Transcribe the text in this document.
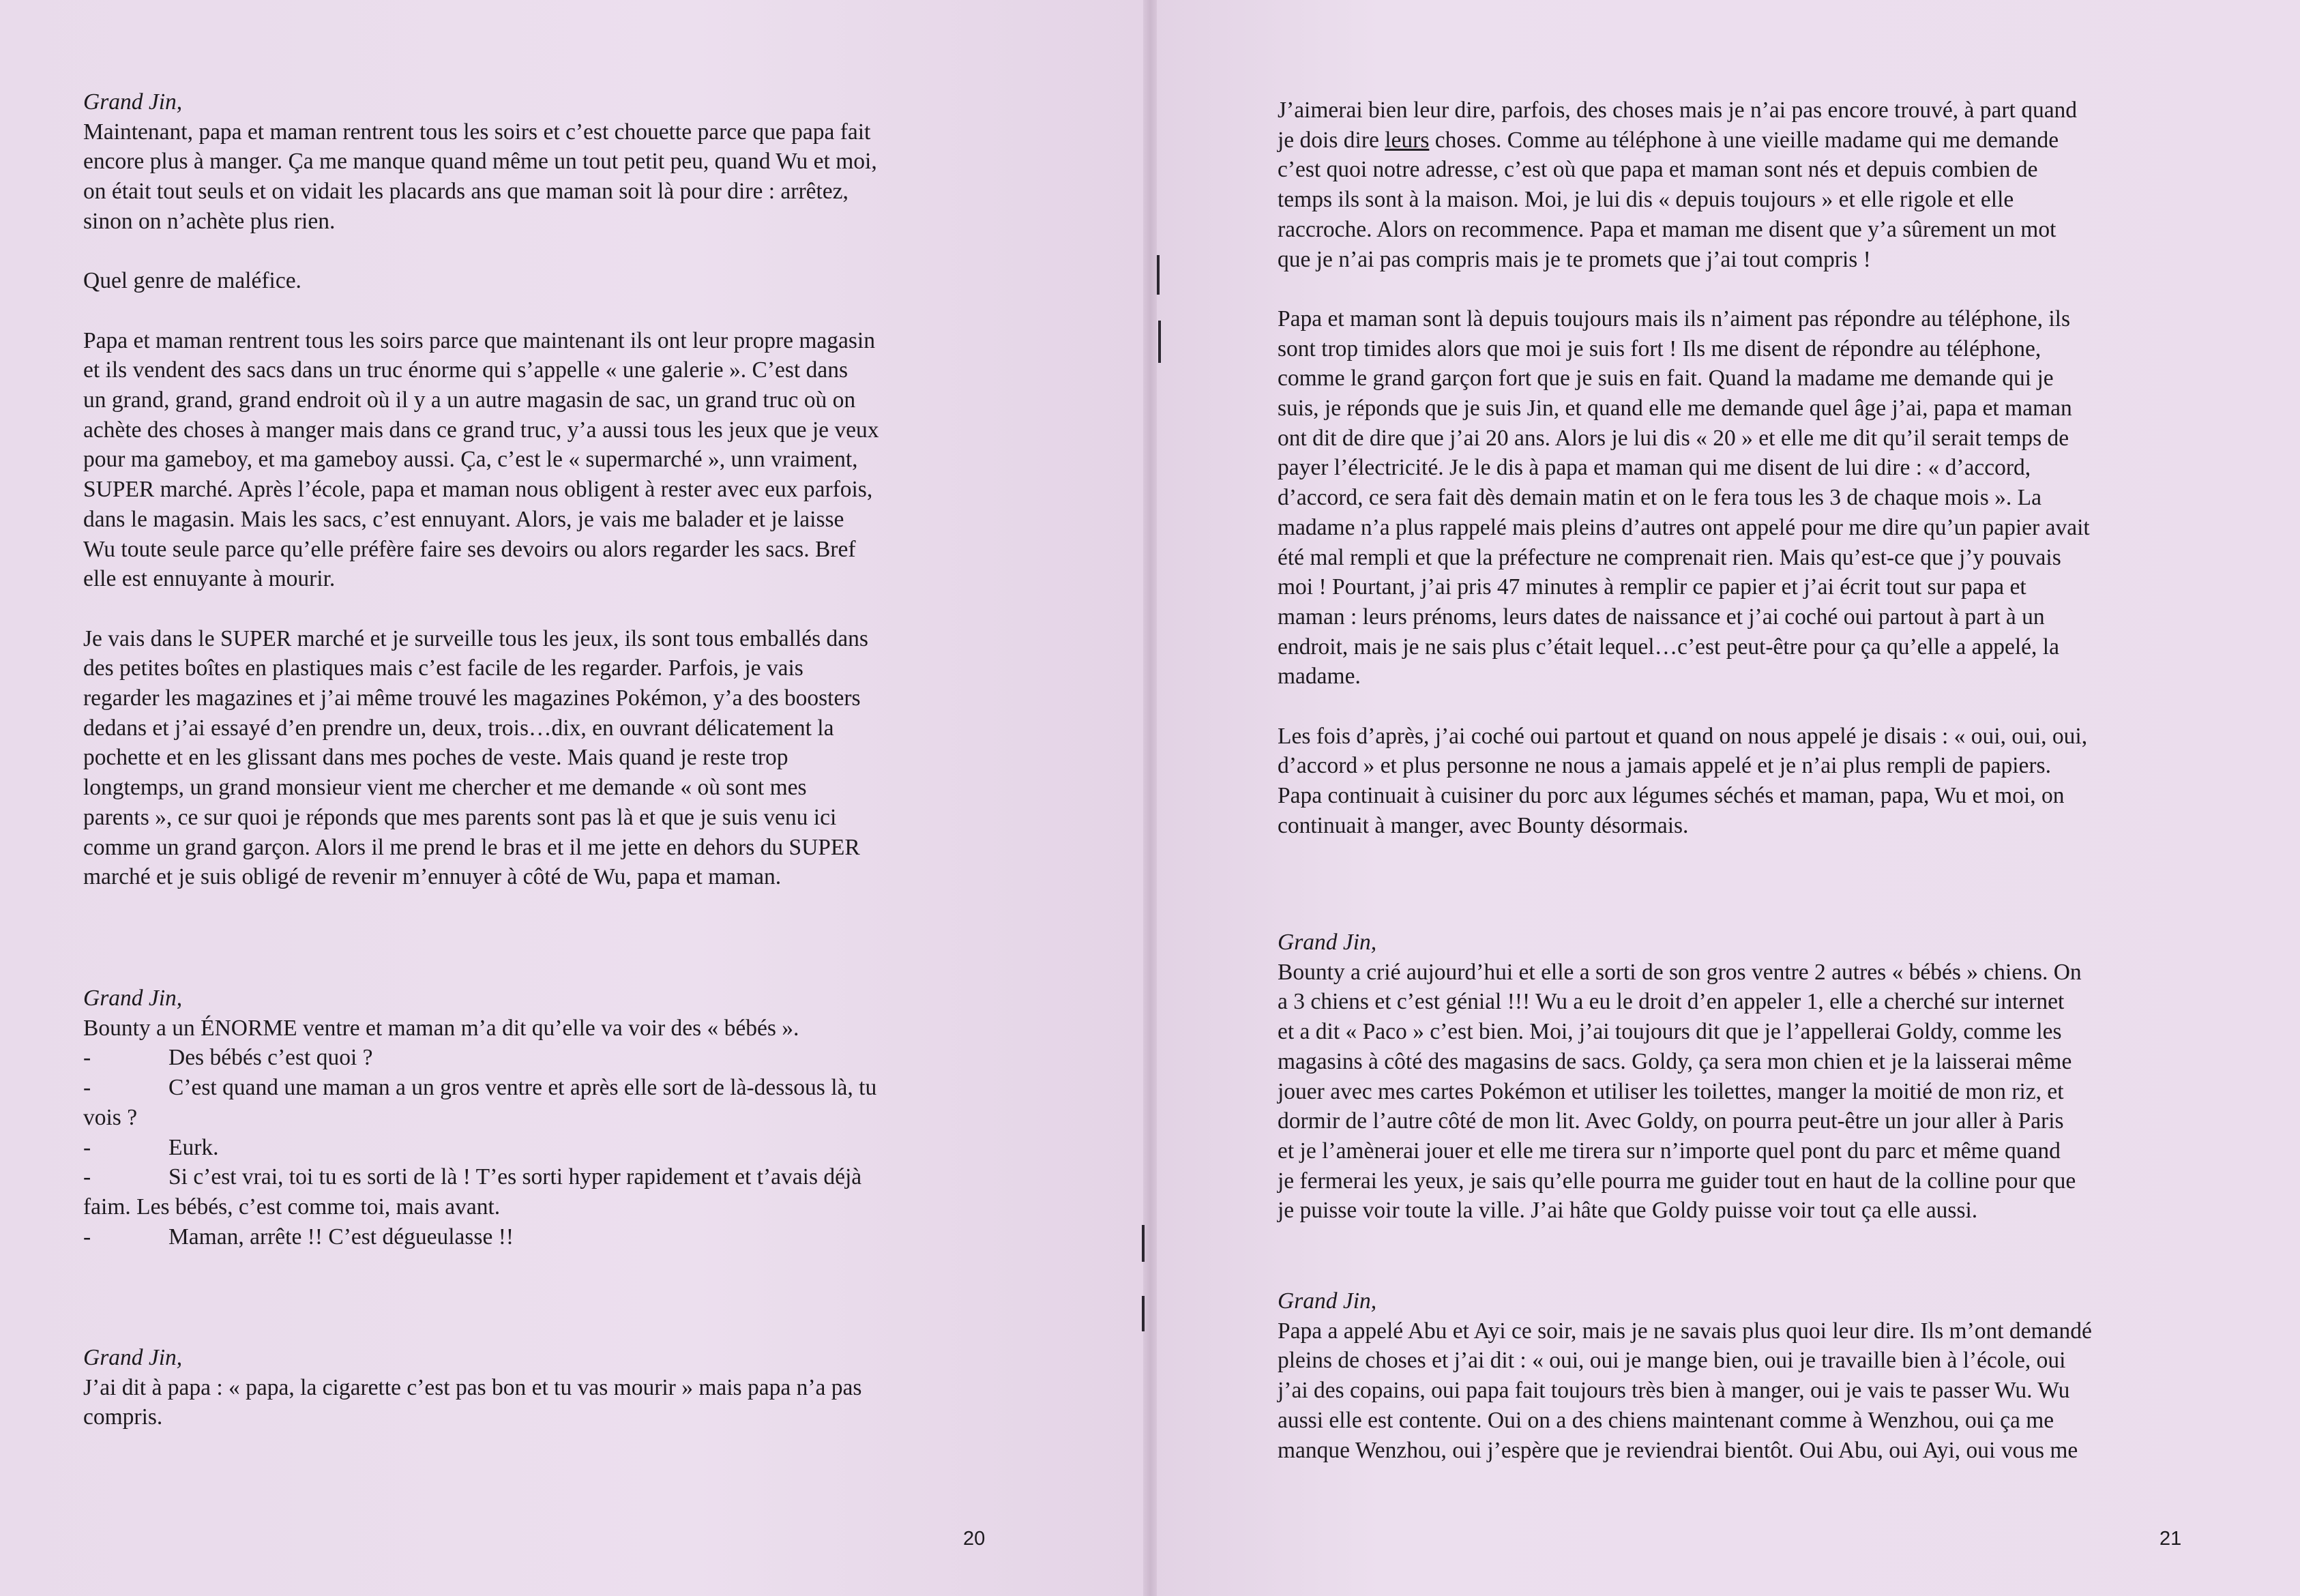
Grand Jin,

Maintenant, papa et maman rentrent tous les soirs et c’est chouette parce que papa fait
encore plus à manger. Ça me manque quand même un tout petit peu, quand Wu et moi,
on était tout seuls et on vidait les placards ans que maman soit là pour dire : arrêtez,
sinon on n’achète plus rien.

Quel genre de maléfice.

Papa et maman rentrent tous les soirs parce que maintenant ils ont leur propre magasin
et ils vendent des sacs dans un truc énorme qui s’appelle « une galerie ». C’est dans
un grand, grand, grand endroit où il y a un autre magasin de sac, un grand truc où on
achète des choses à manger mais dans ce grand truc, y’a aussi tous les jeux que je veux
pour ma gameboy, et ma gameboy aussi. Ça, c’est le « supermarché », unn vraiment,
SUPER marché. Après l’école, papa et maman nous obligent à rester avec eux parfois,
dans le magasin. Mais les sacs, c’est ennuyant. Alors, je vais me balader et je laisse
Wu toute seule parce qu’elle préfère faire ses devoirs ou alors regarder les sacs. Bref
elle est ennuyante à mourir.

Je vais dans le SUPER marché et je surveille tous les jeux, ils sont tous emballés dans
des petites boîtes en plastiques mais c’est facile de les regarder. Parfois, je vais
regarder les magazines et j’ai même trouvé les magazines Pokémon, y’a des boosters
dedans et j’ai essayé d’en prendre un, deux, trois…dix, en ouvrant délicatement la
pochette et en les glissant dans mes poches de veste. Mais quand je reste trop
longtemps, un grand monsieur vient me chercher et me demande « où sont mes
parents », ce sur quoi je réponds que mes parents sont pas là et que je suis venu ici
comme un grand garçon. Alors il me prend le bras et il me jette en dehors du SUPER
marché et je suis obligé de revenir m’ennuyer à côté de Wu, papa et maman.

Grand Jin,

Bounty a un ÉNORME ventre et maman m’a dit qu’elle va voir des « bébés ».

-	Des bébés c’est quoi ?

-	C’est quand une maman a un gros ventre et après elle sort de là-dessous là, tu

vois ?

-	Eurk.

-	Si c’est vrai, toi tu es sorti de là ! T’es sorti hyper rapidement et t’avais déjà

faim. Les bébés, c’est comme toi, mais avant.

-	Maman, arrête !! C’est dégueulasse !!

Grand Jin,

J’ai dit à papa : « papa, la cigarette c’est pas bon et tu vas mourir » mais papa n’a pas
compris.

20

J’aimerai bien leur dire, parfois, des choses mais je n’ai pas encore trouvé, à part quand
je dois dire leurs choses. Comme au téléphone à une vieille madame qui me demande
c’est quoi notre adresse, c’est où que papa et maman sont nés et depuis combien de
temps ils sont à la maison. Moi, je lui dis « depuis toujours » et elle rigole et elle
raccroche. Alors on recommence. Papa et maman me disent que y’a sûrement un mot
que je n’ai pas compris mais je te promets que j’ai tout compris !

Papa et maman sont là depuis toujours mais ils n’aiment pas répondre au téléphone, ils
sont trop timides alors que moi je suis fort ! Ils me disent de répondre au téléphone,
comme le grand garçon fort que je suis en fait. Quand la madame me demande qui je
suis, je réponds que je suis Jin, et quand elle me demande quel âge j’ai, papa et maman
ont dit de dire que j’ai 20 ans. Alors je lui dis « 20 » et elle me dit qu’il serait temps de
payer l’électricité. Je le dis à papa et maman qui me disent de lui dire : « d’accord,
d’accord, ce sera fait dès demain matin et on le fera tous les 3 de chaque mois ». La
madame n’a plus rappelé mais pleins d’autres ont appelé pour me dire qu’un papier avait
été mal rempli et que la préfecture ne comprenait rien. Mais qu’est-ce que j’y pouvais
moi ! Pourtant, j’ai pris 47 minutes à remplir ce papier et j’ai écrit tout sur papa et
maman : leurs prénoms, leurs dates de naissance et j’ai coché oui partout à part à un
endroit, mais je ne sais plus c’était lequel…c’est peut-être pour ça qu’elle a appelé, la
madame.

Les fois d’après, j’ai coché oui partout et quand on nous appelé je disais : « oui, oui, oui,
d’accord » et plus personne ne nous a jamais appelé et je n’ai plus rempli de papiers.
Papa continuait à cuisiner du porc aux légumes séchés et maman, papa, Wu et moi, on
continuait à manger, avec Bounty désormais.

Grand Jin,

Bounty a crié aujourd’hui et elle a sorti de son gros ventre 2 autres « bébés » chiens. On
a 3 chiens et c’est génial !!! Wu a eu le droit d’en appeler 1, elle a cherché sur internet
et a dit « Paco » c’est bien. Moi, j’ai toujours dit que je l’appellerai Goldy, comme les
magasins à côté des magasins de sacs. Goldy, ça sera mon chien et je la laisserai même
jouer avec mes cartes Pokémon et utiliser les toilettes, manger la moitié de mon riz, et
dormir de l’autre côté de mon lit. Avec Goldy, on pourra peut-être un jour aller à Paris
et je l’amènerai jouer et elle me tirera sur n’importe quel pont du parc et même quand
je fermerai les yeux, je sais qu’elle pourra me guider tout en haut de la colline pour que
je puisse voir toute la ville. J’ai hâte que Goldy puisse voir tout ça elle aussi.

Grand Jin,

Papa a appelé Abu et Ayi ce soir, mais je ne savais plus quoi leur dire. Ils m’ont demandé
pleins de choses et j’ai dit : « oui, oui je mange bien, oui je travaille bien à l’école, oui
j’ai des copains, oui papa fait toujours très bien à manger, oui je vais te passer Wu. Wu
aussi elle est contente. Oui on a des chiens maintenant comme à Wenzhou, oui ça me
manque Wenzhou, oui j’espère que je reviendrai bientôt. Oui Abu, oui Ayi, oui vous me

21
